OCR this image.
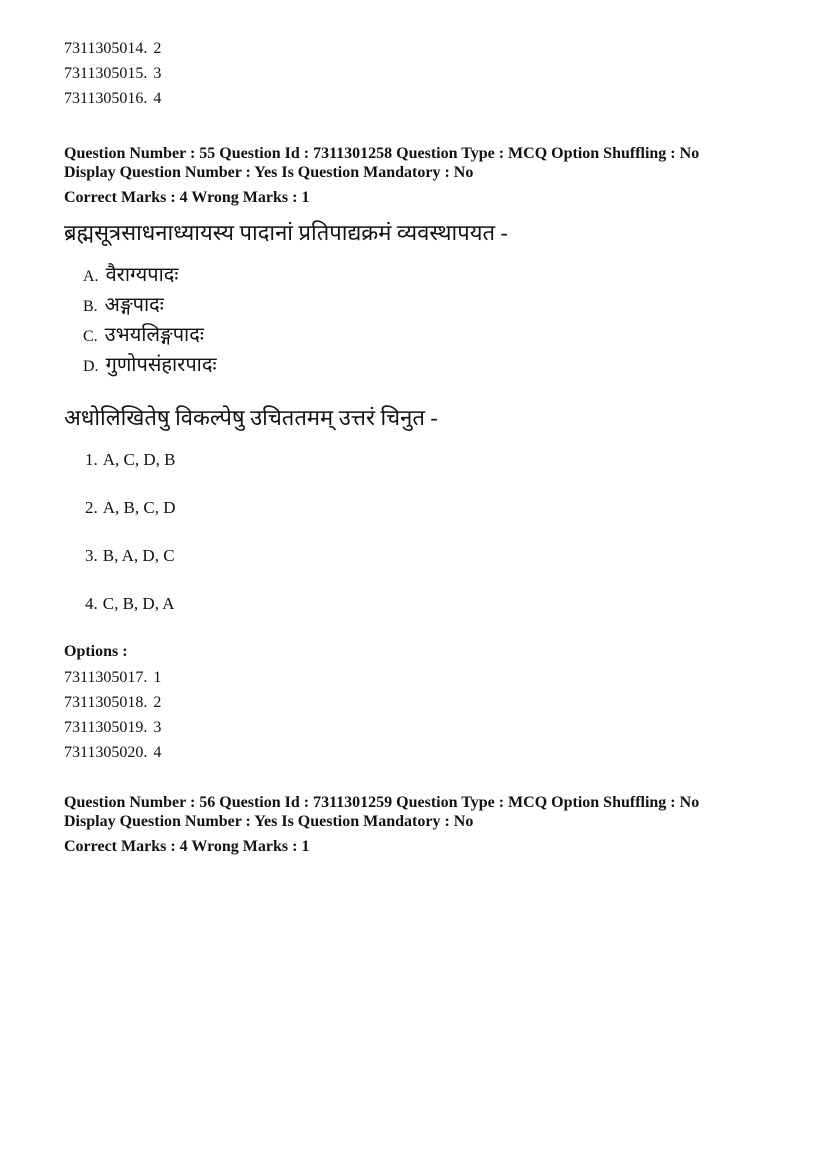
7311305014. 2
7311305015. 3
7311305016. 4
Question Number : 55 Question Id : 7311301258 Question Type : MCQ Option Shuffling : No
Display Question Number : Yes Is Question Mandatory : No
Correct Marks : 4 Wrong Marks : 1
ब्रह्मसूत्रसाधनाध्यायस्य पादानां प्रतिपाद्यक्रमं व्यवस्थापयत -
A. वैराग्यपादः
B. अङ्गपादः
C. उभयलिङ्गपादः
D. गुणोपसंहारपादः
अधोलिखितेषु विकल्पेषु उचिततमम् उत्तरं चिनुत -
1. A, C, D, B
2. A, B, C, D
3. B, A, D, C
4. C, B, D, A
Options :
7311305017. 1
7311305018. 2
7311305019. 3
7311305020. 4
Question Number : 56 Question Id : 7311301259 Question Type : MCQ Option Shuffling : No
Display Question Number : Yes Is Question Mandatory : No
Correct Marks : 4 Wrong Marks : 1
